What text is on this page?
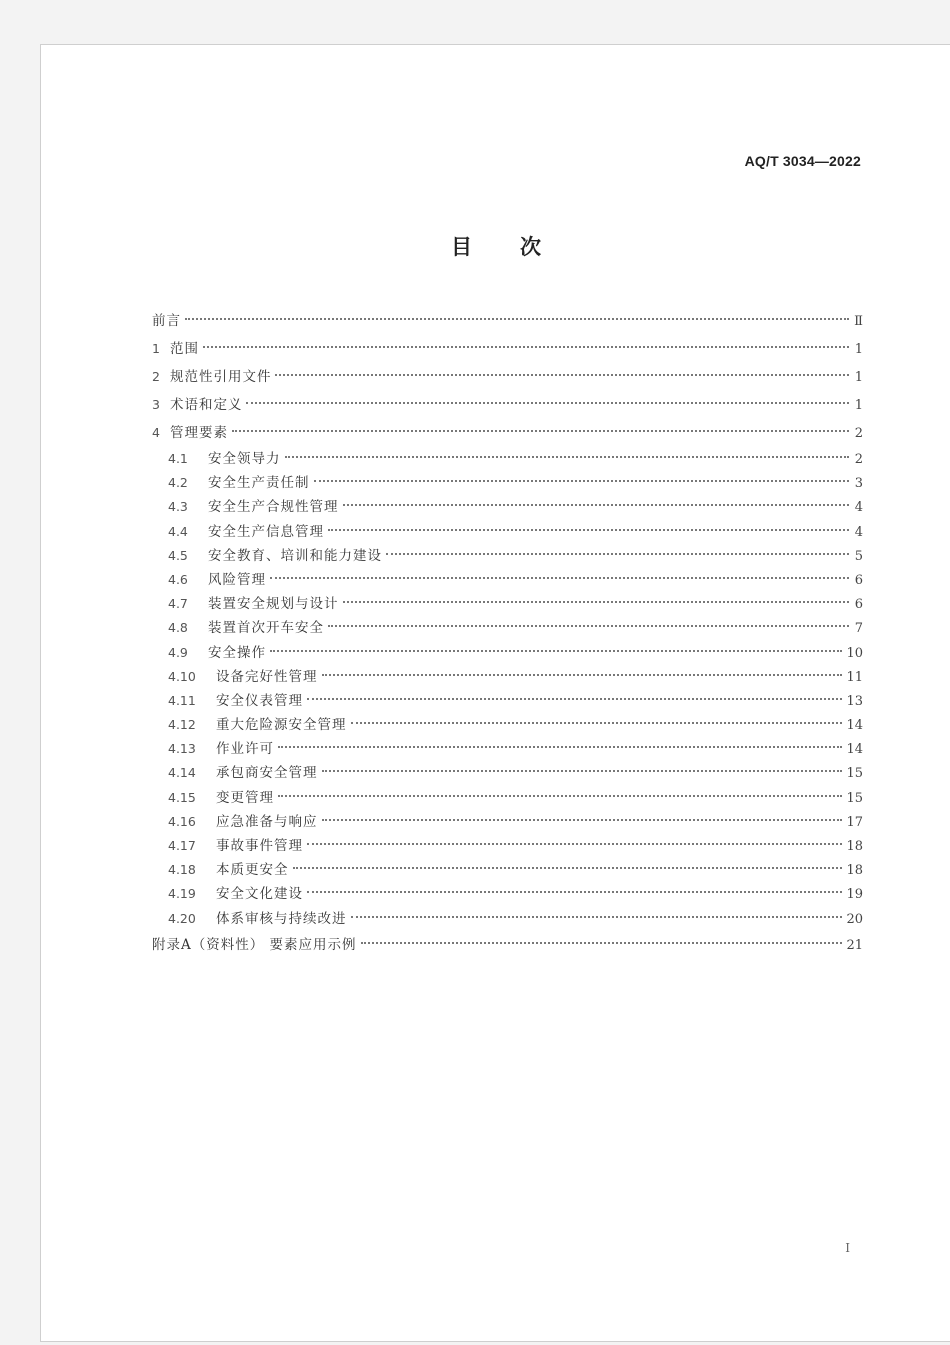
AQ/T 3034—2022
目次
前言	Ⅱ
1 范围	1
2 规范性引用文件	1
3 术语和定义	1
4 管理要素	2
4.1	安全领导力	2
4.2	安全生产责任制	3
4.3	安全生产合规性管理	4
4.4	安全生产信息管理	4
4.5	安全教育、培训和能力建设	5
4.6	风险管理	6
4.7	装置安全规划与设计	6
4.8	装置首次开车安全	7
4.9	安全操作	10
4.10	设备完好性管理	11
4.11	安全仪表管理	13
4.12	重大危险源安全管理	14
4.13	作业许可	14
4.14	承包商安全管理	15
4.15	变更管理	15
4.16	应急准备与响应	17
4.17	事故事件管理	18
4.18	本质更安全	18
4.19	安全文化建设	19
4.20	体系审核与持续改进	20
附录A（资料性） 要素应用示例	21
Ⅰ
